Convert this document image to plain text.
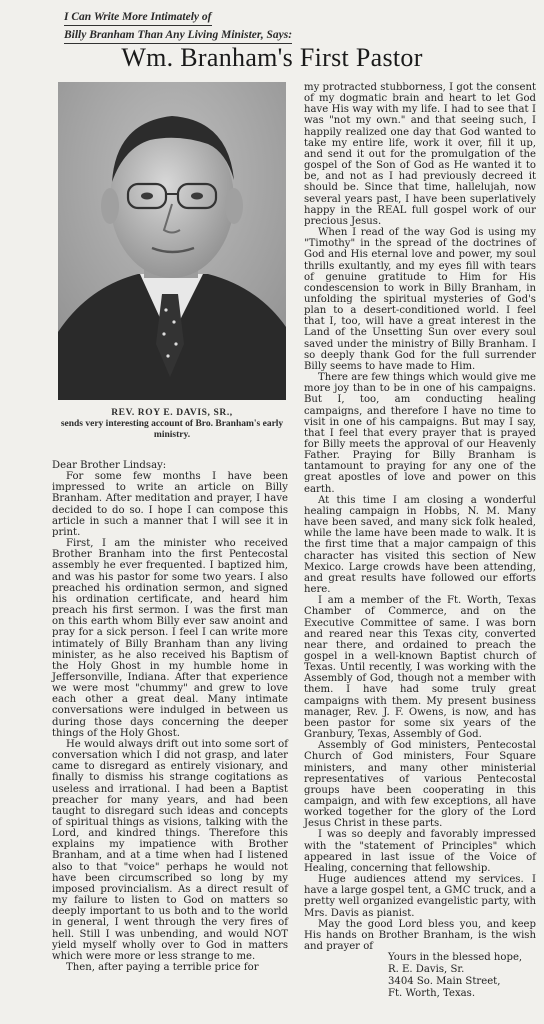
I Can Write More Intimately of
Billy Branham Than Any Living Minister, Says:
Wm. Branham's First Pastor
REV. ROY E. DAVIS, SR.,
sends very interesting account of Bro. Branham's early ministry.

Dear Brother Lindsay:

For some few months I have been impressed to write an article on Billy Branham. After meditation and prayer, I have decided to do so. I hope I can compose this article in such a manner that I will see it in print.

First, I am the minister who received Brother Branham into the first Pentecostal assembly he ever frequented. I baptized him, and was his pastor for some two years. I also preached his ordination sermon, and signed his ordination certificate, and heard him preach his first sermon. I was the first man on this earth whom Billy ever saw anoint and pray for a sick person. I feel I can write more intimately of Billy Branham than any living minister, as he also received his Baptism of the Holy Ghost in my humble home in Jeffersonville, Indiana. After that experience we were most "chummy" and grew to love each other a great deal. Many intimate conversations were indulged in between us during those days concerning the deeper things of the Holy Ghost.

He would always drift out into some sort of conversation which I did not grasp, and later came to disregard as entirely visionary, and finally to dismiss his strange cogitations as useless and irrational. I had been a Baptist preacher for many years, and had been taught to disregard such ideas and concepts of spiritual things as visions, talking with the Lord, and kindred things. Therefore this explains my impatience with Brother Branham, and at a time when had I listened also to that "voice" perhaps he would not have been circumscribed so long by my imposed provincialism. As a direct result of my failure to listen to God on matters so deeply important to us both and to the world in general, I went through the very fires of hell. Still I was unbending, and would NOT yield myself wholly over to God in matters which were more or less strange to me.

Then, after paying a terrible price for

my protracted stubborness, I got the consent of my dogmatic brain and heart to let God have His way with my life. I had to see that I was "not my own." and that seeing such, I happily realized one day that God wanted to take my entire life, work it over, fill it up, and send it out for the promulgation of the gospel of the Son of God as He wanted it to be, and not as I had previously decreed it should be. Since that time, hallelujah, now several years past, I have been superlatively happy in the REAL full gospel work of our precious Jesus.

When I read of the way God is using my "Timothy" in the spread of the doctrines of God and His eternal love and power, my soul thrills exultantly, and my eyes fill with tears of genuine gratitude to Him for His condescension to work in Billy Branham, in unfolding the spiritual mysteries of God's plan to a desert-conditioned world. I feel that I, too, will have a great interest in the Land of the Unsetting Sun over every soul saved under the ministry of Billy Branham. I so deeply thank God for the full surrender Billy seems to have made to Him.

There are few things which would give me more joy than to be in one of his campaigns. But I, too, am conducting healing campaigns, and therefore I have no time to visit in one of his campaigns. But may I say, that I feel that every prayer that is prayed for Billy meets the approval of our Heavenly Father. Praying for Billy Branham is tantamount to praying for any one of the great apostles of love and power on this earth.

At this time I am closing a wonderful healing campaign in Hobbs, N. M. Many have been saved, and many sick folk healed, while the lame have been made to walk. It is the first time that a major campaign of this character has visited this section of New Mexico. Large crowds have been attending, and great results have followed our efforts here.

I am a member of the Ft. Worth, Texas Chamber of Commerce, and on the Executive Committee of same. I was born and reared near this Texas city, converted near there, and ordained to preach the gospel in a well-known Baptist church of Texas. Until recently, I was working with the Assembly of God, though not a member with them. I have had some truly great campaigns with them. My present business manager, Rev. J. F. Owens, is now, and has been pastor for some six years of the Granbury, Texas, Assembly of God.

Assembly of God ministers, Pentecostal Church of God ministers, Four Square ministers, and many other ministerial representatives of various Pentecostal groups have been cooperating in this campaign, and with few exceptions, all have worked together for the glory of the Lord Jesus Christ in these parts.

I was so deeply and favorably impressed with the "statement of Principles" which appeared in last issue of the Voice of Healing, concerning that fellowship.

Huge audiences attend my services. I have a large gospel tent, a GMC truck, and a pretty well organized evangelistic party, with Mrs. Davis as pianist.

May the good Lord bless you, and keep His hands on Brother Branham, is the wish and prayer of

Yours in the blessed hope,
R. E. Davis, Sr.
3404 So. Main Street,
Ft. Worth, Texas.
